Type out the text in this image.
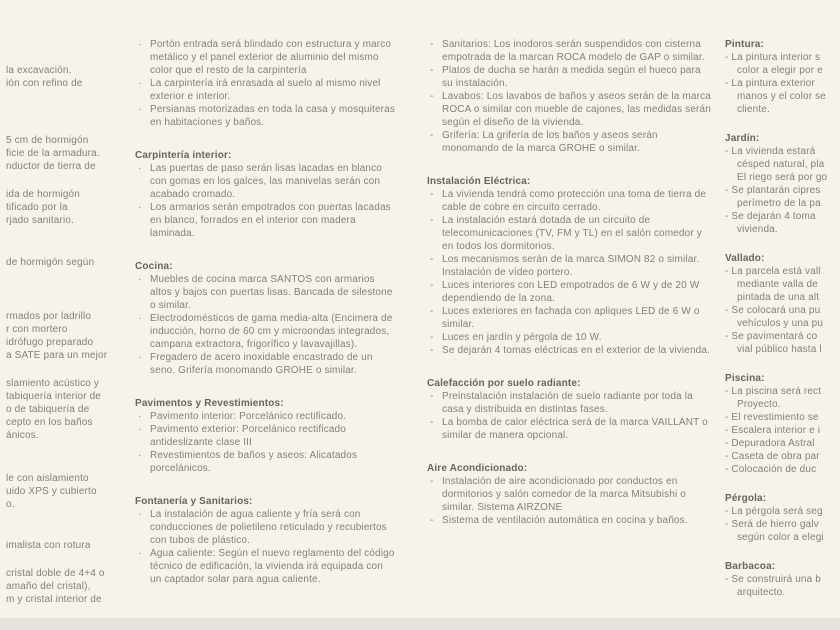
la excavación.
ión con refino de
5 cm de hormigón
ficie de la armadura.
nductor de tierra de
ida de hormigón
tificado por la
rjado sanitario.
de hormigón según
rmados por ladrillo
r con mortero
idrófugo preparado
a SATE para un mejor
slamiento acústico y
tabiquería interior de
o de tabiquería de
cepto en los baños
ánicos.
le con aislamiento
uido XPS y cubierto
o.
imalista con rotura
cristal doble de 4+4 o
amaño del cristal),
m y cristal interior de
· Portón entrada será blindado con estructura y marco metálico y el panel exterior de aluminio del mismo color que el resto de la carpintería
· La carpintería irá enrasada al suelo al mismo nivel exterior e interior.
· Persianas motorizadas en toda la casa y mosquiteras en habitaciones y baños.
Carpintería interior:
· Las puertas de paso serán lisas lacadas en blanco con gomas en los galces, las manivelas serán con acabado cromado.
· Los armarios serán empotrados con puertas lacadas en blanco, forrados en el interior con madera laminada.
Cocina:
· Muebles de cocina marca SANTOS con armarios altos y bajos con puertas lisas. Bancada de silestone o similar.
· Electrodomésticos de gama media-alta (Encimera de inducción, horno de 60 cm y microondas integrados, campana extractora, frigorífico y lavavajillas).
· Fregadero de acero inoxidable encastrado de un seno. Grifería monomando GROHE o similar.
Pavimentos y Revestimientos:
· Pavimento interior: Porcelánico rectificado.
· Pavimento exterior: Porcelánico rectificado antideslizante clase III
· Revestimientos de baños y aseos: Alicatados porcelánicos.
Fontanería y Sanitarios:
· La instalación de agua caliente y fría será con conducciones de polietileno reticulado y recubiertos con tubos de plástico.
· Agua caliente: Según el nuevo reglamento del código técnico de edificación, la vivienda irá equipada con un captador solar para agua caliente.
- Sanitarios: Los inodoros serán suspendidos con cisterna empotrada de la marcan ROCA modelo de GAP o similar.
- Platos de ducha se harán a medida según el hueco para su instalación.
- Lavabos: Los lavabos de baños y aseos serán de la marca ROCA o similar con mueble de cajones, las medidas serán según el diseño de la vivienda.
- Grifería: La grifería de los baños y aseos serán monomando de la marca GROHE o similar.
Instalación Eléctrica:
- La vivienda tendrá como protección una toma de tierra de cable de cobre en circuito cerrado.
- La instalación estará dotada de un circuito de telecomunicaciones (TV, FM y TL) en el salón comedor y en todos los dormitorios.
- Los mecanismos serán de la marca SIMON 82 o similar. Instalación de vídeo portero.
- Luces interiores con LED empotrados de 6 W y de 20 W dependiendo de la zona.
- Luces exteriores en fachada con apliques LED de 6 W o similar.
- Luces en jardín y pérgola de 10 W.
- Se dejarán 4 tomas eléctricas en el exterior de la vivienda.
Calefacción por suelo radiante:
- Preinstalación instalación de suelo radiante por toda la casa y distribuida en distintas fases.
- La bomba de calor eléctrica será de la marca VAILLANT o similar de manera opcional.
Aire Acondicionado:
- Instalación de aire acondicionado por conductos en dormitorios y salón comedor de la marca Mitsubishi o similar. Sistema AIRZONE
- Sistema de ventilación automática en cocina y baños.
Pintura:
- La pintura interior s
color a elegir por e
- La pintura exterior
manos y el color se
cliente.
Jardín:
- La vivienda estará
césped natural, pla
El riego será por go
- Se plantarán cipres
perímetro de la pa
- Se dejarán 4 toma
vivienda.
Vallado:
- La parcela está vall
mediante valla de
pintada de una alt
- Se colocará una pu
vehículos y una pu
- Se pavimentará co
vial público hasta l
Piscina:
- La piscina será rect
Proyecto.
- El revestimiento se
- Escalera interior e i
- Depuradora Astral
- Caseta de obra par
- Colocación de duc
Pérgola:
- La pérgola será seg
- Será de hierro galv
según color a elegi
Barbacoa:
- Se construirá una b
arquitecto.
